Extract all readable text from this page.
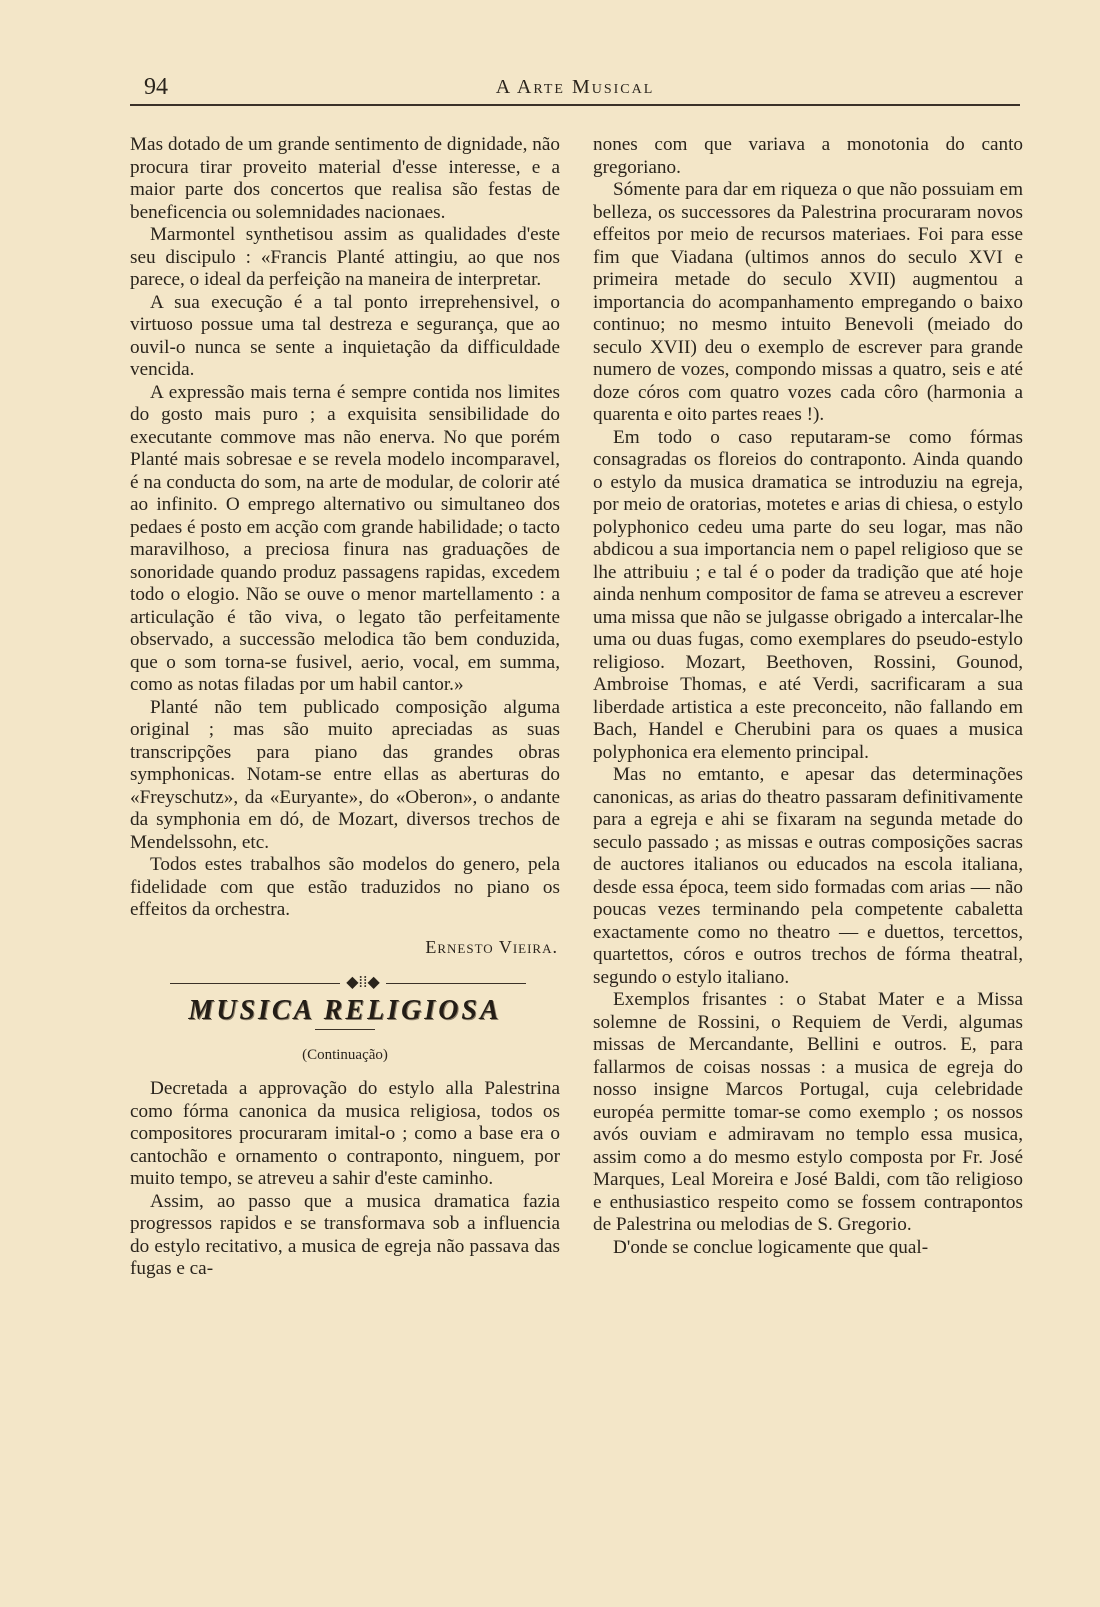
94	A Arte Musical

Mas dotado de um grande sentimento de dignidade, não procura tirar proveito material d'esse interesse, e a maior parte dos concertos que realisa são festas de beneficencia ou solemnidades nacionaes.

Marmontel synthetisou assim as qualidades d'este seu discipulo : «Francis Planté attingiu, ao que nos parece, o ideal da perfeição na maneira de interpretar.

A sua execução é a tal ponto irreprehensivel, o virtuoso possue uma tal destreza e segurança, que ao ouvil-o nunca se sente a inquietação da difficuldade vencida.

A expressão mais terna é sempre contida nos limites do gosto mais puro ; a exquisita sensibilidade do executante commove mas não enerva. No que porém Planté mais sobresae e se revela modelo incomparavel, é na conducta do som, na arte de modular, de colorir até ao infinito. O emprego alternativo ou simultaneo dos pedaes é posto em acção com grande habilidade; o tacto maravilhoso, a preciosa finura nas graduações de sonoridade quando produz passagens rapidas, excedem todo o elogio. Não se ouve o menor martellamento : a articulação é tão viva, o legato tão perfeitamente observado, a successão melodica tão bem conduzida, que o som torna-se fusivel, aerio, vocal, em summa, como as notas filadas por um habil cantor.»

Planté não tem publicado composição alguma original ; mas são muito apreciadas as suas transcripções para piano das grandes obras symphonicas. Notam-se entre ellas as aberturas do «Freyschutz», da «Euryante», do «Oberon», o andante da symphonia em dó, de Mozart, diversos trechos de Mendelssohn, etc.

Todos estes trabalhos são modelos do genero, pela fidelidade com que estão traduzidos no piano os effeitos da orchestra.

Ernesto Vieira.
◆⁞⁞◆
MUSICA RELIGIOSA
(Continuação)

Decretada a approvação do estylo alla Palestrina como fórma canonica da musica religiosa, todos os compositores procuraram imital-o ; como a base era o cantochão e ornamento o contraponto, ninguem, por muito tempo, se atreveu a sahir d'este caminho.

Assim, ao passo que a musica dramatica fazia progressos rapidos e se transformava sob a influencia do estylo recitativo, a musica de egreja não passava das fugas e ca-

nones com que variava a monotonia do canto gregoriano.

Sómente para dar em riqueza o que não possuiam em belleza, os successores da Palestrina procuraram novos effeitos por meio de recursos materiaes. Foi para esse fim que Viadana (ultimos annos do seculo XVI e primeira metade do seculo XVII) augmentou a importancia do acompanhamento empregando o baixo continuo; no mesmo intuito Benevoli (meiado do seculo XVII) deu o exemplo de escrever para grande numero de vozes, compondo missas a quatro, seis e até doze córos com quatro vozes cada côro (harmonia a quarenta e oito partes reaes !).

Em todo o caso reputaram-se como fórmas consagradas os floreios do contraponto. Ainda quando o estylo da musica dramatica se introduziu na egreja, por meio de oratorias, motetes e arias di chiesa, o estylo polyphonico cedeu uma parte do seu logar, mas não abdicou a sua importancia nem o papel religioso que se lhe attribuiu ; e tal é o poder da tradição que até hoje ainda nenhum compositor de fama se atreveu a escrever uma missa que não se julgasse obrigado a intercalar-lhe uma ou duas fugas, como exemplares do pseudo-estylo religioso. Mozart, Beethoven, Rossini, Gounod, Ambroise Thomas, e até Verdi, sacrificaram a sua liberdade artistica a este preconceito, não fallando em Bach, Handel e Cherubini para os quaes a musica polyphonica era elemento principal.

Mas no emtanto, e apesar das determinações canonicas, as arias do theatro passaram definitivamente para a egreja e ahi se fixaram na segunda metade do seculo passado ; as missas e outras composições sacras de auctores italianos ou educados na escola italiana, desde essa época, teem sido formadas com arias — não poucas vezes terminando pela competente cabaletta exactamente como no theatro — e duettos, tercettos, quartettos, córos e outros trechos de fórma theatral, segundo o estylo italiano.

Exemplos frisantes : o Stabat Mater e a Missa solemne de Rossini, o Requiem de Verdi, algumas missas de Mercandante, Bellini e outros. E, para fallarmos de coisas nossas : a musica de egreja do nosso insigne Marcos Portugal, cuja celebridade européa permitte tomar-se como exemplo ; os nossos avós ouviam e admiravam no templo essa musica, assim como a do mesmo estylo composta por Fr. José Marques, Leal Moreira e José Baldi, com tão religioso e enthusiastico respeito como se fossem contrapontos de Palestrina ou melodias de S. Gregorio.

D'onde se conclue logicamente que qual-
